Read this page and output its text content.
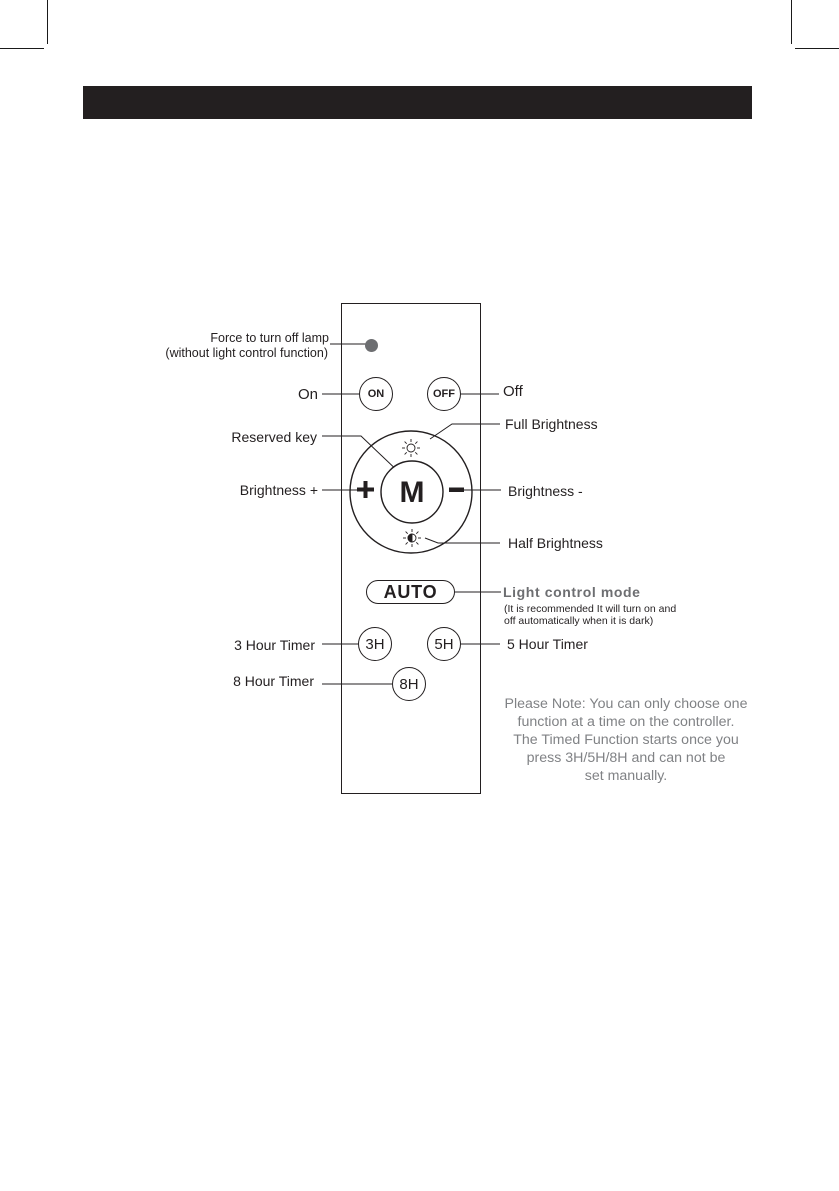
ON	OFF
M
AUTO
3H	5H
8H
Force to turn off lamp
(without light control function)
On	Off
Full Brightness
Reserved key
Brightness +	Brightness -
Half Brightness
Light control mode
(It is recommended It will turn on and
off automatically when it is dark)
3 Hour Timer	5 Hour Timer
8 Hour Timer
Please Note: You can only choose one
function at a time on the controller.
The Timed Function starts once you
press 3H/5H/8H and can not be
set manually.
